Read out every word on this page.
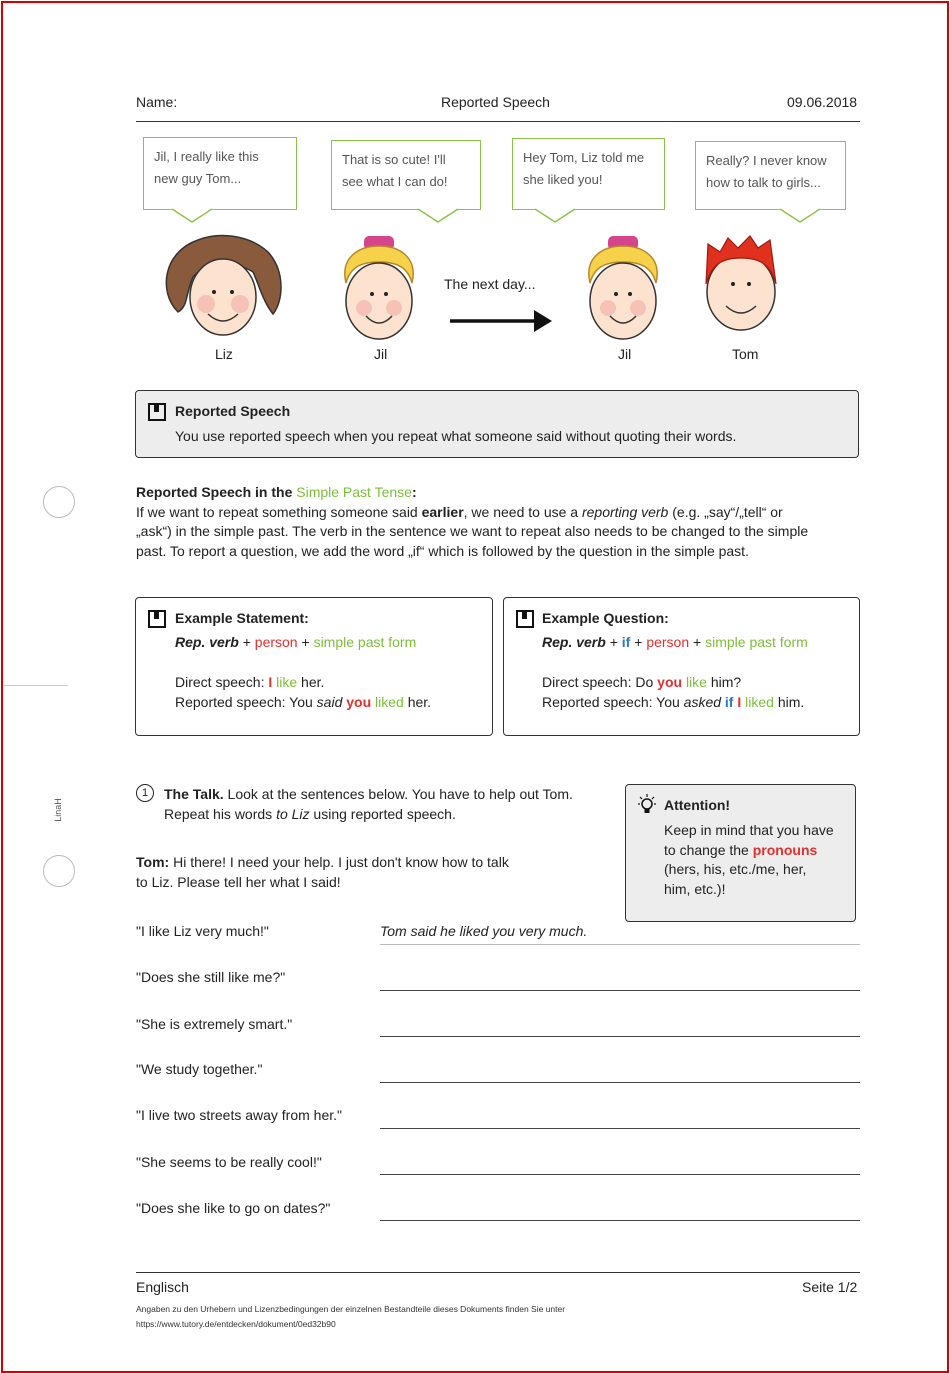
Name:	Reported Speech	09.06.2018
Jil, I really like this new guy Tom...
That is so cute! I'll see what I can do!
Hey Tom, Liz told me she liked you!
Really? I never know how to talk to girls...
The next day...
Liz	Jil	Jil	Tom
Reported Speech
You use reported speech when you repeat what someone said without quoting their words.
Reported Speech in the Simple Past Tense:
If we want to repeat something someone said earlier, we need to use a reporting verb (e.g. „say“/„tell“ or
„ask“) in the simple past. The verb in the sentence we want to repeat also needs to be changed to the simple
past. To report a question, we add the word „if“ which is followed by the question in the simple past.
Example Statement:
Rep. verb + person + simple past form
Direct speech: I like her.
Reported speech: You said you liked her.
Example Question:
Rep. verb + if + person + simple past form
Direct speech: Do you like him?
Reported speech: You asked if I liked him.
1	The Talk. Look at the sentences below. You have to help out Tom.
Repeat his words to Liz using reported speech.
Tom: Hi there! I need your help. I just don't know how to talk
to Liz. Please tell her what I said!
Attention!
Keep in mind that you have
to change the pronouns
(hers, his, etc./me, her,
him, etc.)!
"I like Liz very much!"	Tom said he liked you very much.
"Does she still like me?"
"She is extremely smart."
"We study together."
"I live two streets away from her."
"She seems to be really cool!"
"Does she like to go on dates?"
LinaH
Englisch	Seite 1/2
Angaben zu den Urhebern und Lizenzbedingungen der einzelnen Bestandteile dieses Dokuments finden Sie unter
https://www.tutory.de/entdecken/dokument/0ed32b90
